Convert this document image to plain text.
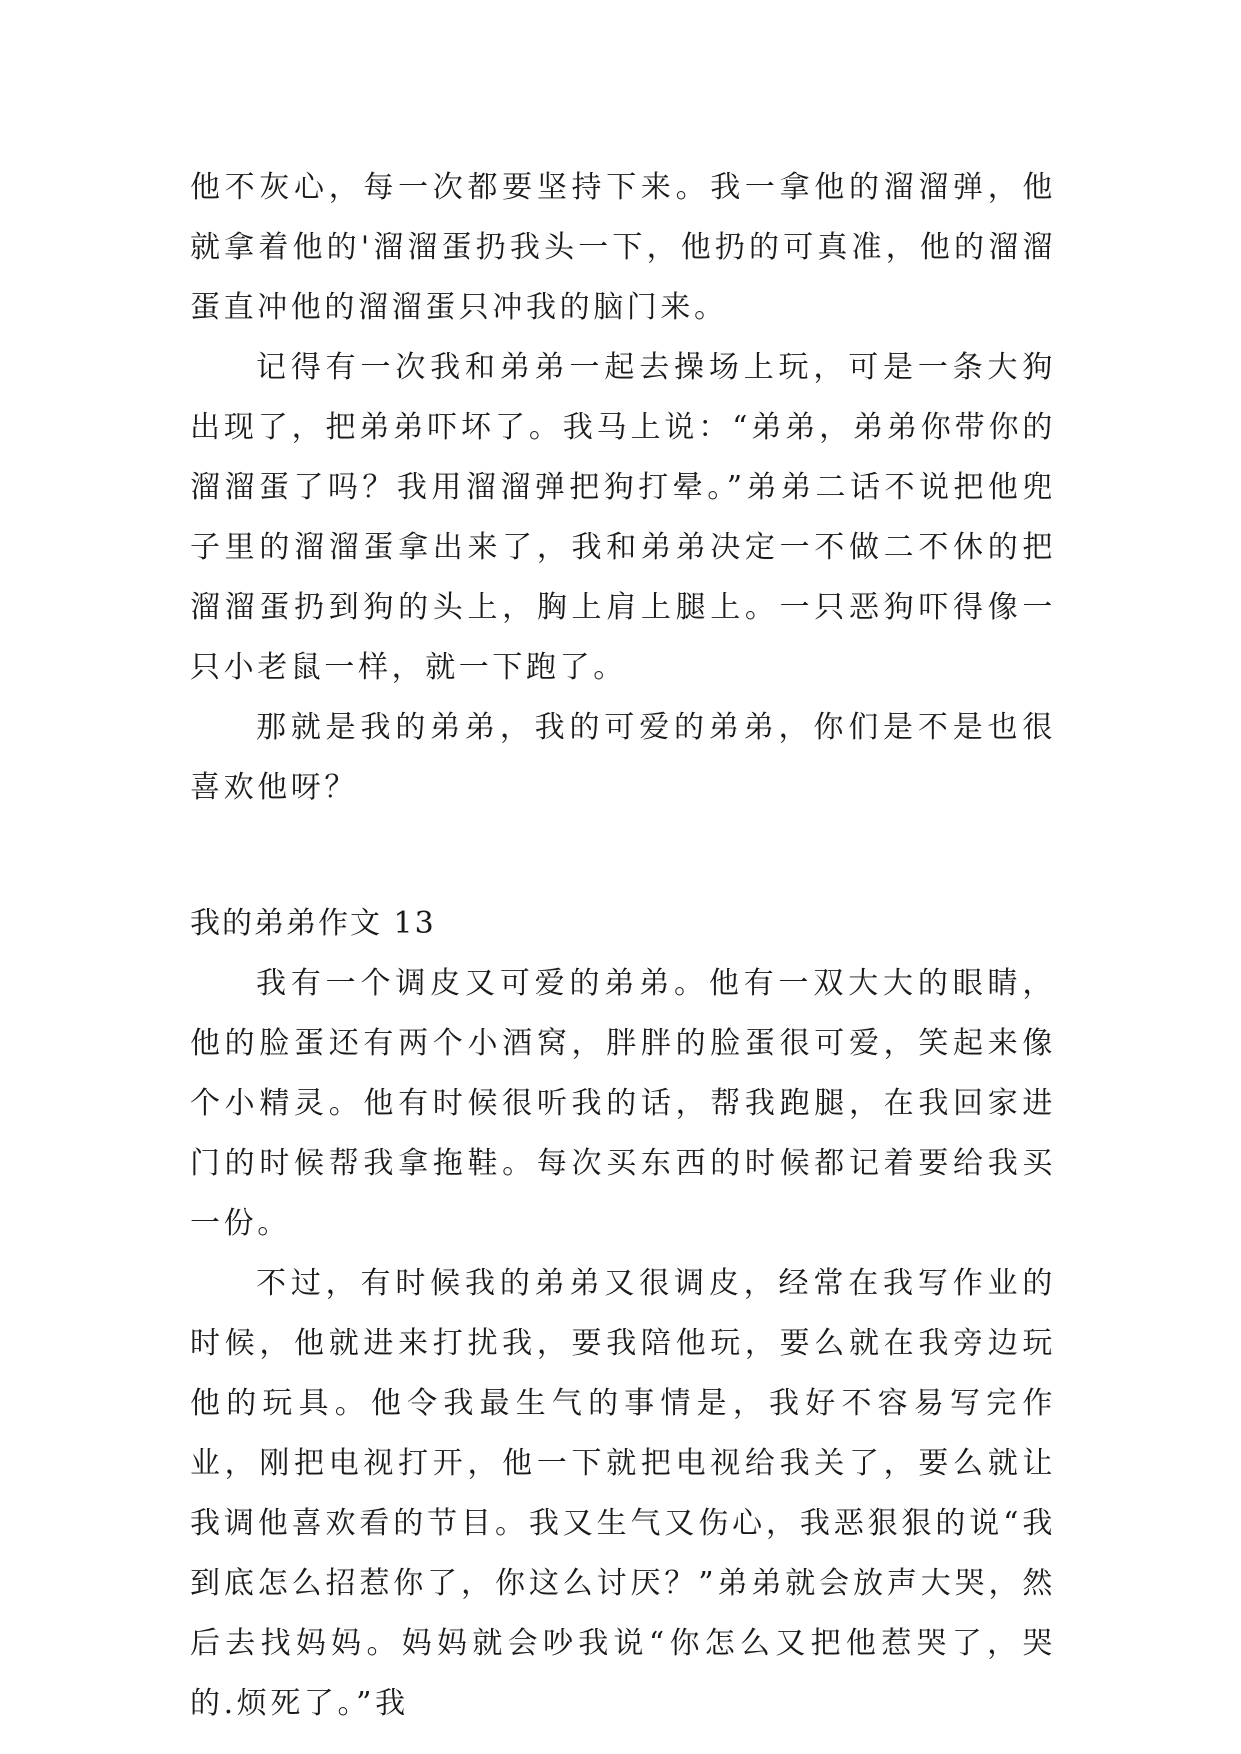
他不灰心，每一次都要坚持下来。我一拿他的溜溜弹，他就拿着他的'溜溜蛋扔我头一下，他扔的可真准，他的溜溜蛋直冲他的溜溜蛋只冲我的脑门来。

记得有一次我和弟弟一起去操场上玩，可是一条大狗出现了，把弟弟吓坏了。我马上说：“弟弟，弟弟你带你的溜溜蛋了吗？我用溜溜弹把狗打晕。”弟弟二话不说把他兜子里的溜溜蛋拿出来了，我和弟弟决定一不做二不休的把溜溜蛋扔到狗的头上，胸上肩上腿上。一只恶狗吓得像一只小老鼠一样，就一下跑了。

那就是我的弟弟，我的可爱的弟弟，你们是不是也很喜欢他呀？

我的弟弟作文 13

我有一个调皮又可爱的弟弟。他有一双大大的眼睛，他的脸蛋还有两个小酒窝，胖胖的脸蛋很可爱，笑起来像个小精灵。他有时候很听我的话，帮我跑腿，在我回家进门的时候帮我拿拖鞋。每次买东西的时候都记着要给我买一份。

不过，有时候我的弟弟又很调皮，经常在我写作业的时候，他就进来打扰我，要我陪他玩，要么就在我旁边玩他的玩具。他令我最生气的事情是，我好不容易写完作业，刚把电视打开，他一下就把电视给我关了，要么就让我调他喜欢看的节目。我又生气又伤心，我恶狠狠的说“我到底怎么招惹你了，你这么讨厌？”弟弟就会放声大哭，然后去找妈妈。妈妈就会吵我说“你怎么又把他惹哭了，哭的.烦死了。”我
